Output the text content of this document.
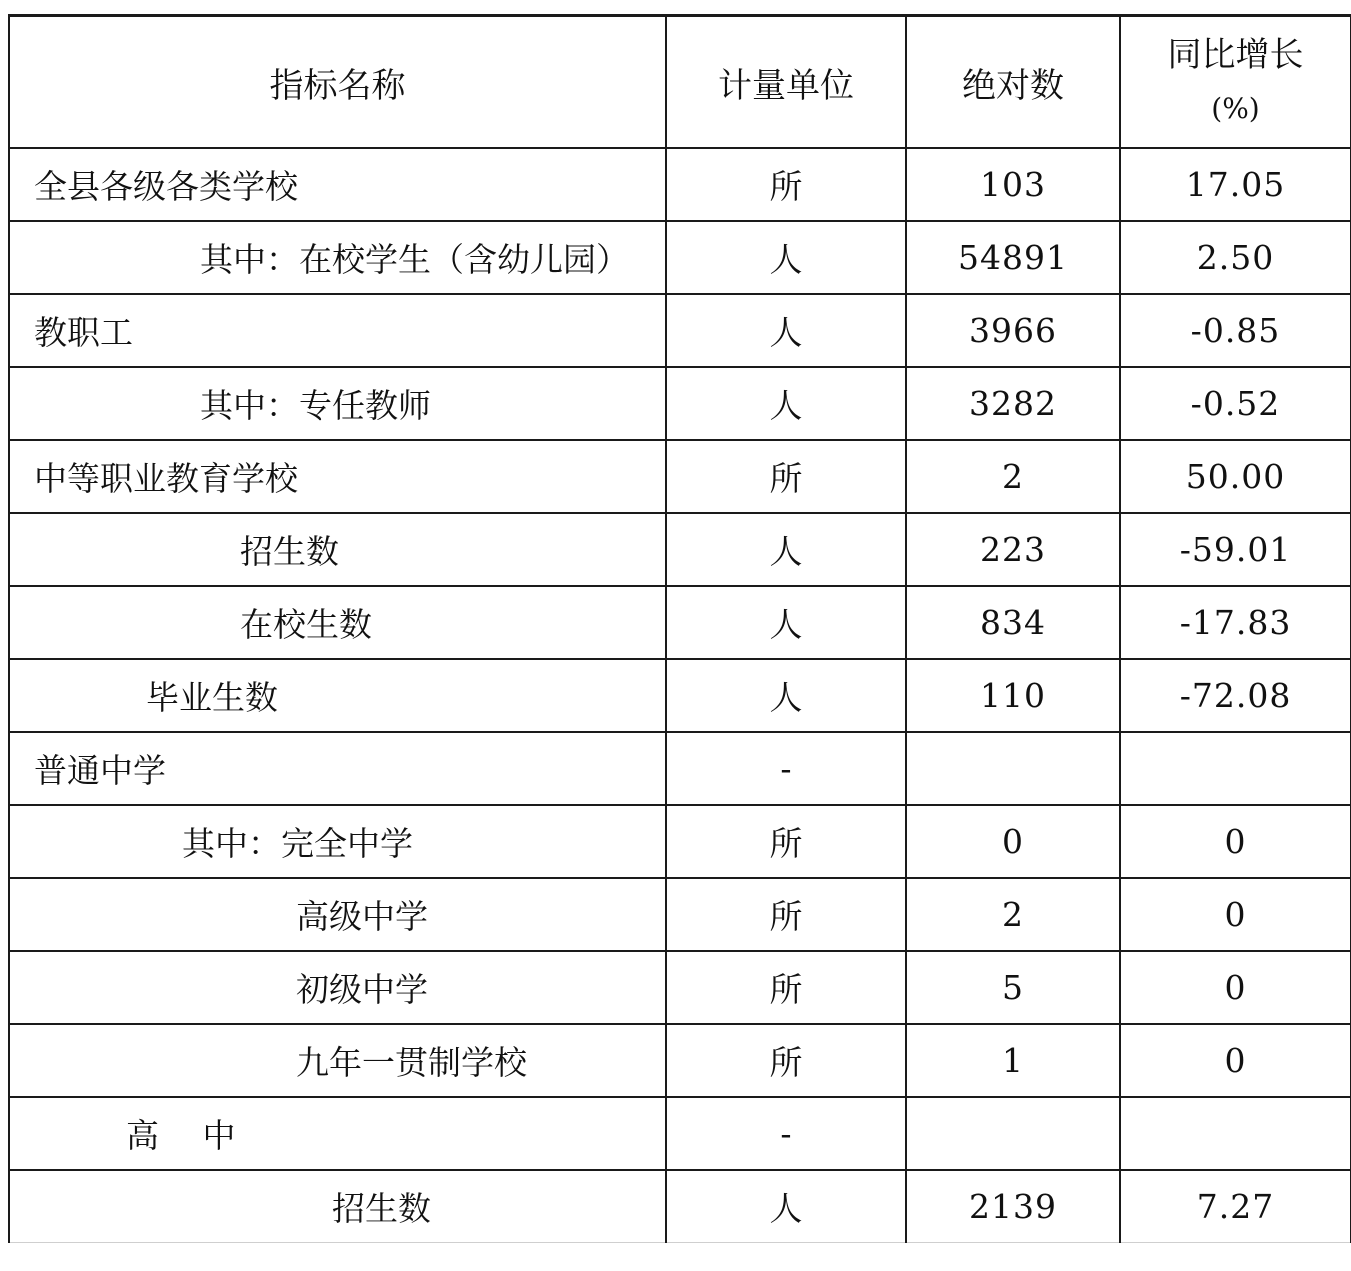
指标名称	计量单位	绝对数	同比增长
(%)

全县各级各类学校	所	103	17.05
其中：在校学生（含幼儿园）	人	54891	2.50
教职工	人	3966	-0.85
其中：专任教师	人	3282	-0.52
中等职业教育学校	所	2	50.00
招生数	人	223	-59.01
在校生数	人	834	-17.83
毕业生数	人	110	-72.08
普通中学	-		
其中：完全中学	所	0	0
高级中学	所	2	0
初级中学	所	5	0
九年一贯制学校	所	1	0
高　 中	-		
招生数	人	2139	7.27
